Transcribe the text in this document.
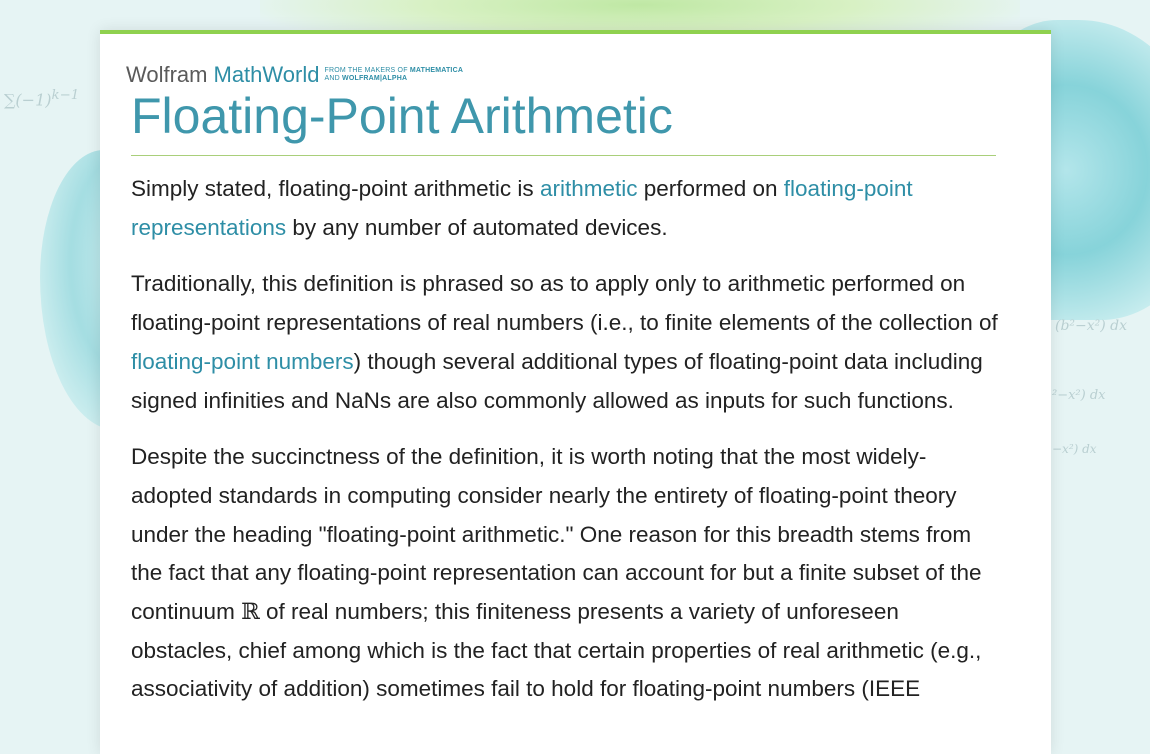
$\sum(-1)^{k-1}$
(b²−x²) dx
²−x²) dx
−x²) dx
Wolfram MathWorld FROM THE MAKERS OF MATHEMATICA
AND WOLFRAM|ALPHA
Floating-Point Arithmetic

Simply stated, floating-point arithmetic is arithmetic performed on floating-point representations by any number of automated devices.

Traditionally, this definition is phrased so as to apply only to arithmetic performed on floating-point representations of real numbers (i.e., to finite elements of the collection of floating-point numbers) though several additional types of floating-point data including signed infinities and NaNs are also commonly allowed as inputs for such functions.

Despite the succinctness of the definition, it is worth noting that the most widely-adopted standards in computing consider nearly the entirety of floating-point theory under the heading "floating-point arithmetic." One reason for this breadth stems from the fact that any floating-point representation can account for but a finite subset of the continuum ℝ of real numbers; this finiteness presents a variety of unforeseen obstacles, chief among which is the fact that certain properties of real arithmetic (e.g., associativity of addition) sometimes fail to hold for floating-point numbers (IEEE
